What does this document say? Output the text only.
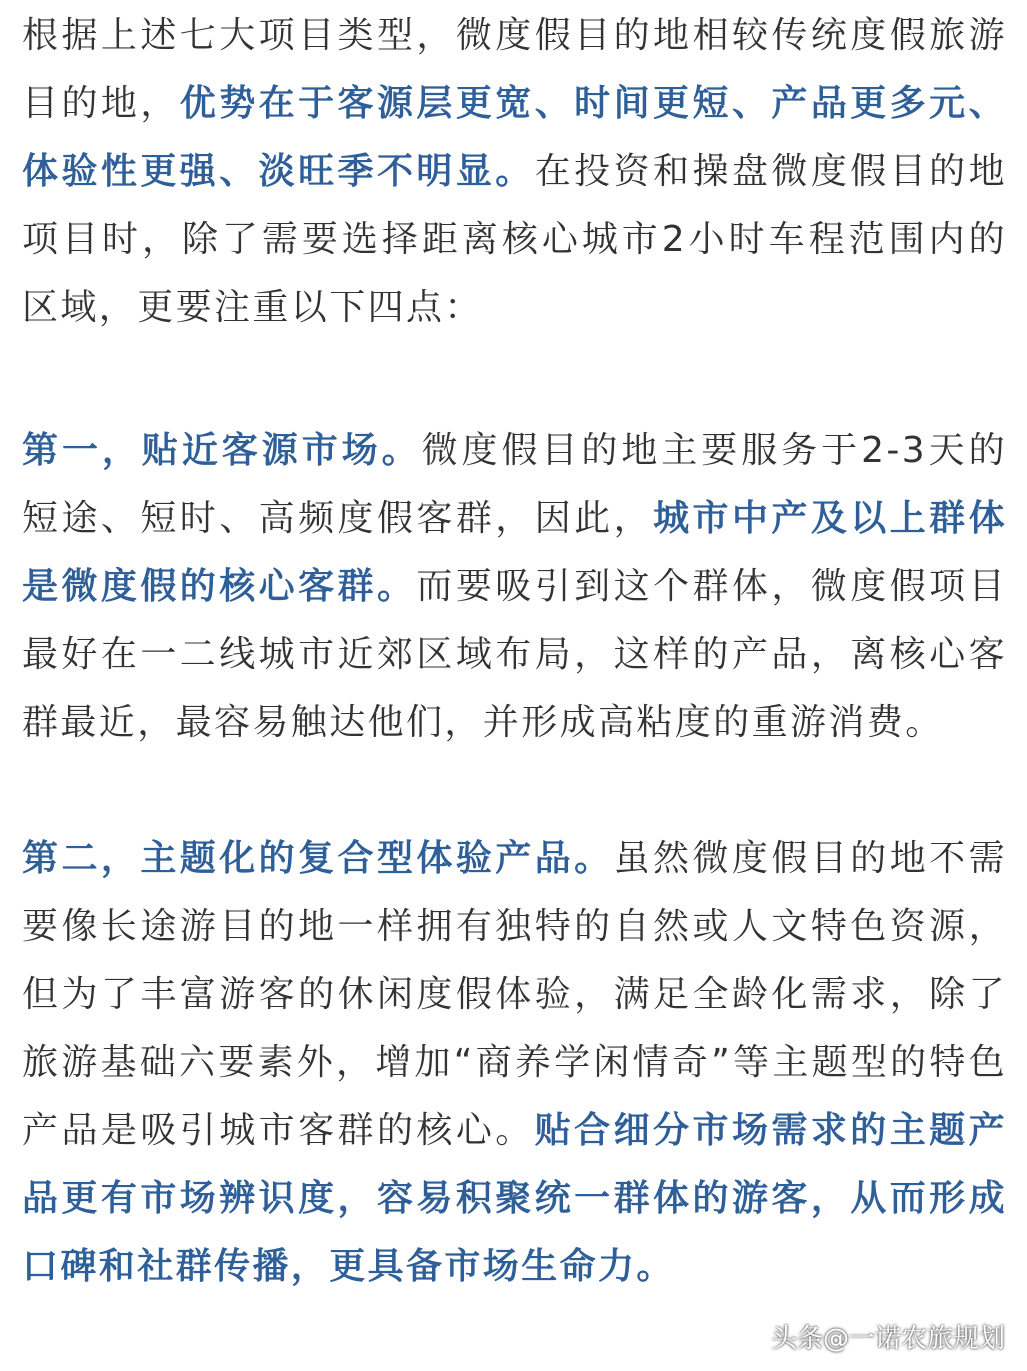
根据上述七大项目类型，微度假目的地相较传统度假旅游目的地，优势在于客源层更宽、时间更短、产品更多元、体验性更强、淡旺季不明显。在投资和操盘微度假目的地项目时，除了需要选择距离核心城市2小时车程范围内的区域，更要注重以下四点：

第一，贴近客源市场。微度假目的地主要服务于2-3天的短途、短时、高频度假客群，因此，城市中产及以上群体是微度假的核心客群。而要吸引到这个群体，微度假项目最好在一二线城市近郊区域布局，这样的产品，离核心客群最近，最容易触达他们，并形成高粘度的重游消费。

第二，主题化的复合型体验产品。虽然微度假目的地不需要像长途游目的地一样拥有独特的自然或人文特色资源，但为了丰富游客的休闲度假体验，满足全龄化需求，除了旅游基础六要素外，增加“商养学闲情奇”等主题型的特色产品是吸引城市客群的核心。贴合细分市场需求的主题产品更有市场辨识度，容易积聚统一群体的游客，从而形成口碑和社群传播，更具备市场生命力。

头条@一诺农旅规划
